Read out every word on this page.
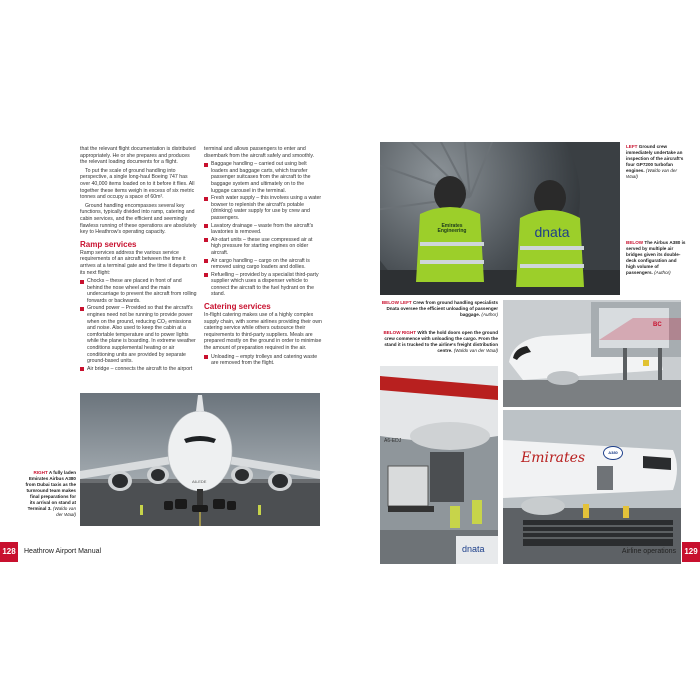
that the relevant flight documentation is distributed appropriately. He or she prepares and produces the relevant loading documents for a flight.

To put the scale of ground handling into perspective, a single long-haul Boeing 747 has over 40,000 items loaded on to it before it flies. All together these items weigh in excess of six metric tonnes and occupy a space of 60m².

Ground handling encompasses several key functions, typically divided into ramp, catering and cabin services, and the efficient and seemingly flawless running of these operations are absolutely key to Heathrow's operating capacity.

Ramp services

Ramp services address the various service requirements of an aircraft between the time it arrives at a terminal gate and the time it departs on its next flight:

Chocks – these are placed in front of and behind the nose wheel and the main undercarriage to prevent the aircraft from rolling forwards or backwards.
Ground power – Provided so that the aircraft's engines need not be running to provide power when on the ground, reducing CO₂ emissions and noise. Also used to keep the cabin at a comfortable temperature and to power lights while the plane is boarding. In extreme weather conditions supplemental heating or air conditioning units are provided by separate ground-based units.
Air bridge – connects the aircraft to the airport

terminal and allows passengers to enter and disembark from the aircraft safely and smoothly.

Baggage handling – carried out using belt loaders and baggage carts, which transfer passenger suitcases from the aircraft to the baggage system and ultimately on to the luggage carousel in the terminal.
Fresh water supply – this involves using a water bowser to replenish the aircraft's potable (drinking) water supply for use by crew and passengers.
Lavatory drainage – waste from the aircraft's lavatories is removed.
Air-start units – these use compressed air at high pressure for starting engines on older aircraft.
Air cargo handling – cargo on the aircraft is removed using cargo loaders and dollies.
Refuelling – provided by a specialist third-party supplier which uses a dispenser vehicle to connect the aircraft to the fuel hydrant on the stand.
Catering services

In-flight catering makes use of a highly complex supply chain, with some airlines providing their own catering service while others outsource their requirements to third-party suppliers. Meals are prepared mostly on the ground in order to minimise the amount of preparation required in the air.

Unloading – empty trolleys and catering waste are removed from the flight.
A6-EDE
RIGHT A fully laden Emirates Airbus A380 from Dubai taxis as the turnround team makes final preparations for its arrival on stand at Terminal 3. (Waldo van der Waal)
Emirates Engineering	dnata
LEFT Ground crew immediately undertake an inspection of the aircraft's four GP7200 turbofan engines. (Waldo van der Waal)
BELOW The Airbus A380 is served by multiple air bridges given its double-deck configuration and high volume of passengers. (Author)
BELOW LEFT Crew from ground handling specialists Dnata oversee the efficient unloading of passenger baggage. (Author)
BELOW RIGHT With the hold doors open the ground crew commence with unloading the cargo. From the stand it is trucked to the airline's freight distribution centre. (Waldo van der Waal)
BC
A6-EDJ
dnata
Emirates	A380
128	Heathrow Airport Manual	Airline operations 129
